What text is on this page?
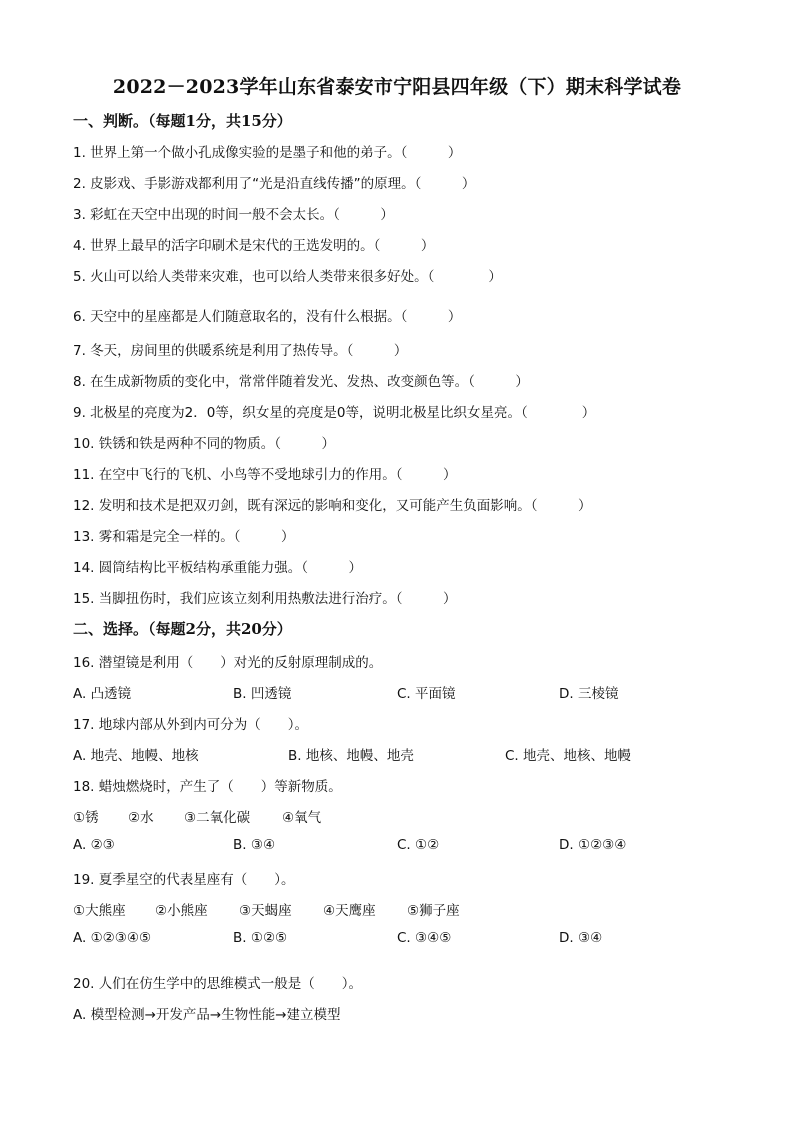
2022－2023学年山东省泰安市宁阳县四年级（下）期末科学试卷
一、判断。（每题1分，共15分）
1. 世界上第一个做小孔成像实验的是墨子和他的弟子。（　　　）
2. 皮影戏、手影游戏都利用了“光是沿直线传播”的原理。（　　　）
3. 彩虹在天空中出现的时间一般不会太长。（　　　）
4. 世界上最早的活字印刷术是宋代的王选发明的。（　　　）
5. 火山可以给人类带来灾难，也可以给人类带来很多好处。（　　　　）
6. 天空中的星座都是人们随意取名的，没有什么根据。（　　　）
7. 冬天，房间里的供暖系统是利用了热传导。（　　　）
8. 在生成新物质的变化中，常常伴随着发光、发热、改变颜色等。（　　　）
9. 北极星的亮度为2．0等，织女星的亮度是0等，说明北极星比织女星亮。（　　　　）
10. 铁锈和铁是两种不同的物质。（　　　）
11. 在空中飞行的飞机、小鸟等不受地球引力的作用。（　　　）
12. 发明和技术是把双刃剑，既有深远的影响和变化，又可能产生负面影响。（　　　）
13. 雾和霜是完全一样的。（　　　）
14. 圆筒结构比平板结构承重能力强。（　　　）
15. 当脚扭伤时，我们应该立刻利用热敷法进行治疗。（　　　）
二、选择。（每题2分，共20分）
16. 潜望镜是利用（　　）对光的反射原理制成的。
A. 凸透镜	B. 凹透镜	C. 平面镜	D. 三棱镜
17. 地球内部从外到内可分为（　　）。
A. 地壳、地幔、地核	B. 地核、地幔、地壳	C. 地壳、地核、地幔
18. 蜡烛燃烧时，产生了（　　）等新物质。
①锈 ②水 ③二氧化碳 ④氧气
A. ②③	B. ③④	C. ①②	D. ①②③④
19. 夏季星空的代表星座有（　　）。
①大熊座 ②小熊座 ③天蝎座 ④天鹰座 ⑤狮子座
A. ①②③④⑤	B. ①②⑤	C. ③④⑤	D. ③④
20. 人们在仿生学中的思维模式一般是（　　）。
A. 模型检测→开发产品→生物性能→建立模型
